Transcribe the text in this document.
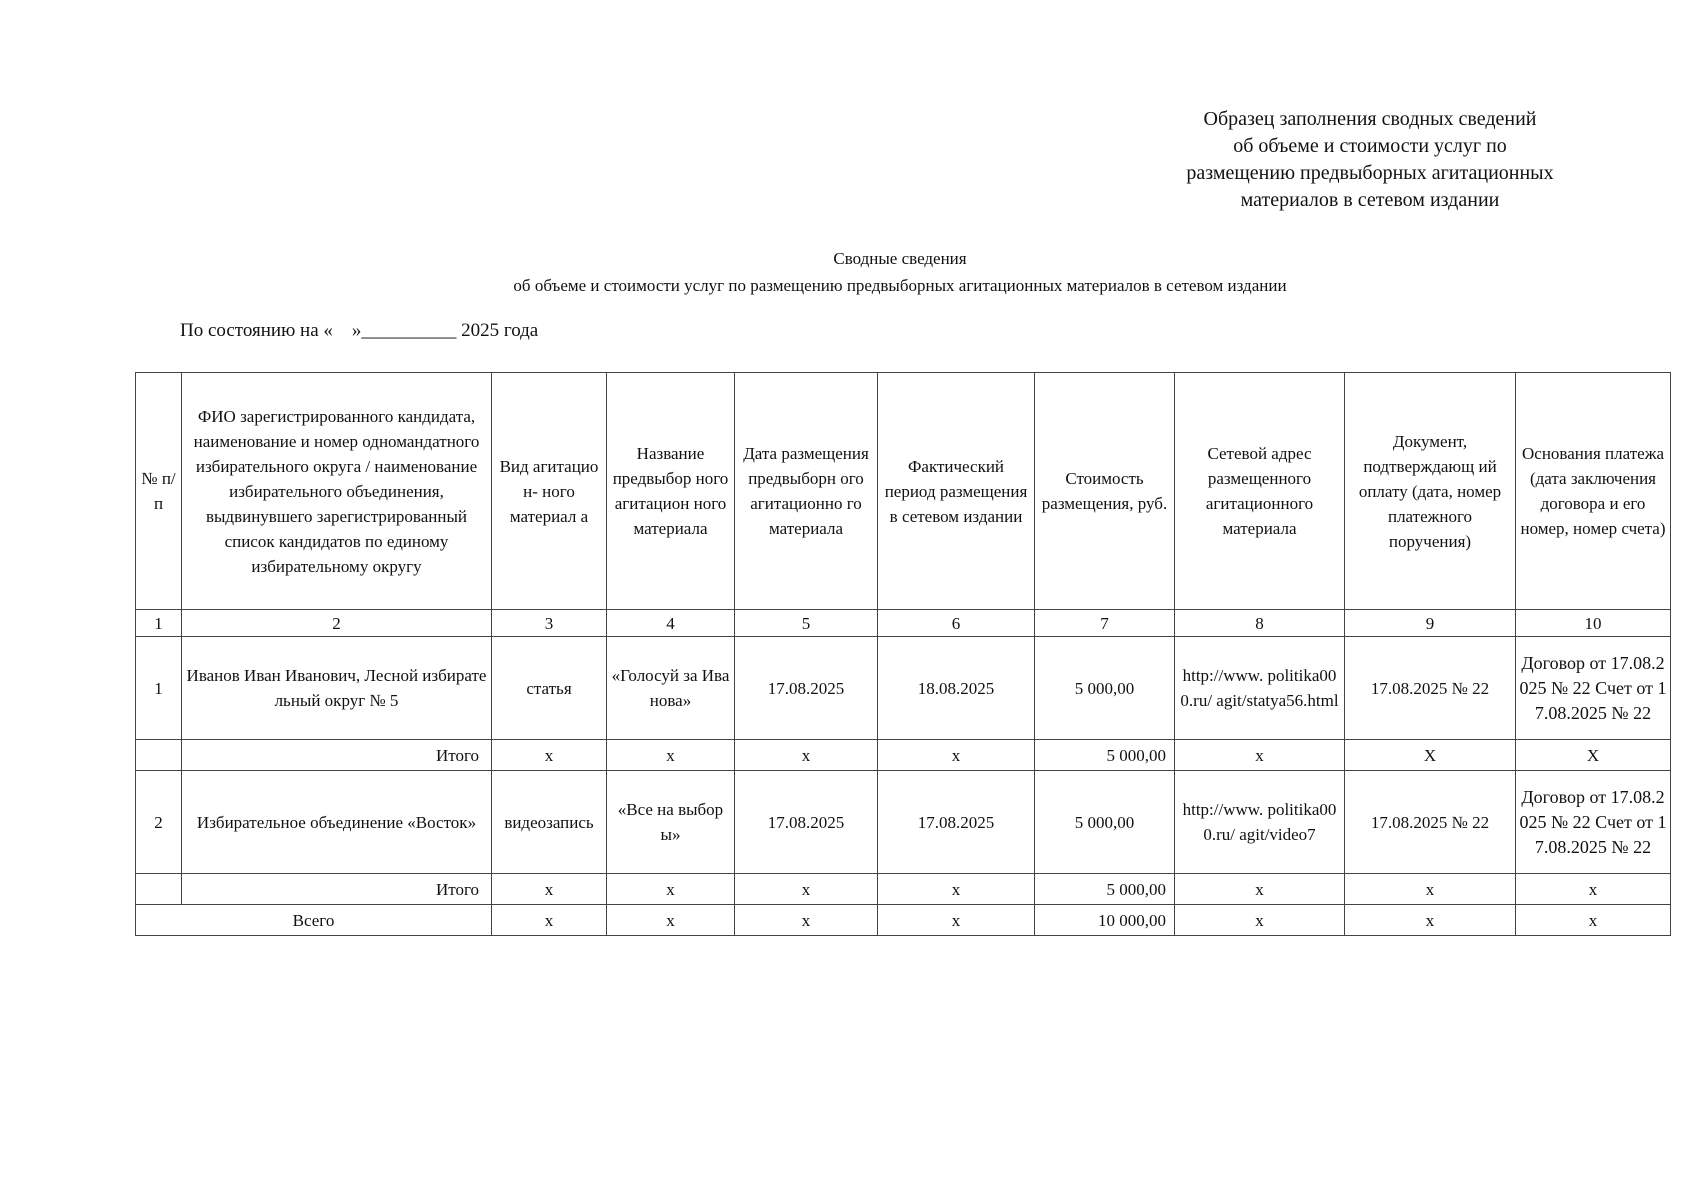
Образец заполнения сводных сведений
об объеме и стоимости услуг по
размещению предвыборных агитационных
материалов в сетевом издании
Сводные сведения
об объеме и стоимости услуг по размещению предвыборных агитационных материалов в сетевом издании
По состоянию на «    »__________ 2025 года
№ п/п	ФИО зарегистрированного кандидата, наименование и номер одномандатного избирательного округа / наименование избирательного объединения, выдвинувшего зарегистрированный список кандидатов по единому избирательному округу	Вид агитацио н- ного материал а	Название предвыбор ного агитацион ного материала	Дата размещения предвыборн ого агитационно го материала	Фактический период размещения в сетевом издании	Стоимость размещения, руб.	Сетевой адрес размещенного агитационного материала	Документ, подтверждающ ий оплату (дата, номер платежного поручения)	Основания платежа (дата заключения договора и его номер, номер счета)
1	2	3	4	5	6	7	8	9	10
1	Иванов Иван Иванович, Лесной избирательный округ № 5	статья	«Голосуй за Иванова»	17.08.2025	18.08.2025	5 000,00	http://www. politika000.ru/ agit/statya56.html	17.08.2025 № 22	Договор от 17.08.2025 № 22 Счет от 17.08.2025 № 22
	Итого	х	х	х	х	5 000,00	х	Х	Х
2	Избирательное объединение «Восток»	видеозапись	«Все на выборы»	17.08.2025	17.08.2025	5 000,00	http://www. politika000.ru/ agit/video7	17.08.2025 № 22	Договор от 17.08.2025 № 22 Счет от 17.08.2025 № 22
	Итого	х	х	х	х	5 000,00	х	х	х
Всего		х	х	х	х	10 000,00	х	х	х
